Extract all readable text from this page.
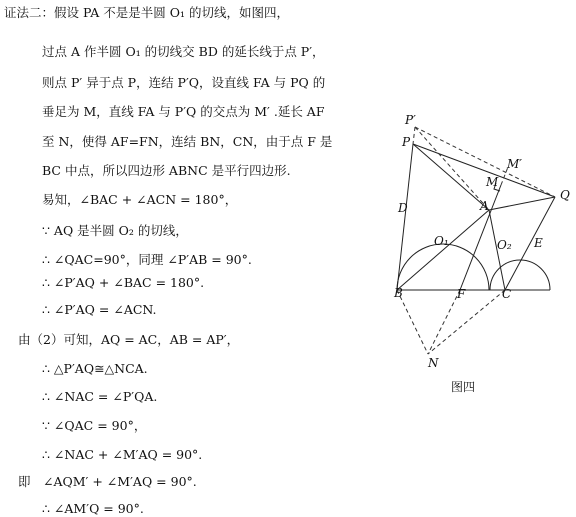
证法二：假设 PA 不是是半圆 O₁ 的切线，如图四，
过点 A 作半圆 O₁ 的切线交 BD 的延长线于点 P′，
则点 P′ 异于点 P，连结 P′Q，设直线 FA 与 PQ 的
垂足为 M，直线 FA 与 P′Q 的交点为 M′ .延长 AF
至 N，使得 AF=FN，连结 BN，CN，由于点 F 是
BC 中点，所以四边形 ABNC 是平行四边形.
易知，∠BAC + ∠ACN = 180°，
∵ AQ 是半圆 O₂ 的切线，
∴ ∠QAC=90°，同理 ∠P′AB = 90°.
∴ ∠P′AQ + ∠BAC = 180°.
∴ ∠P′AQ = ∠ACN.
由（2）可知，AQ = AC，AB = AP′，
∴ △P′AQ≅△NCA.
∴ ∠NAC = ∠P′QA.
∵ ∠QAC = 90°，
∴ ∠NAC + ∠M′AQ = 90°.
即　∠AQM′ + ∠M′AQ = 90°.
∴ ∠AM′Q = 90°.
P′
P
M′
M
Q
D	A
O₁	O₂ E
B	F	C
N
图四
